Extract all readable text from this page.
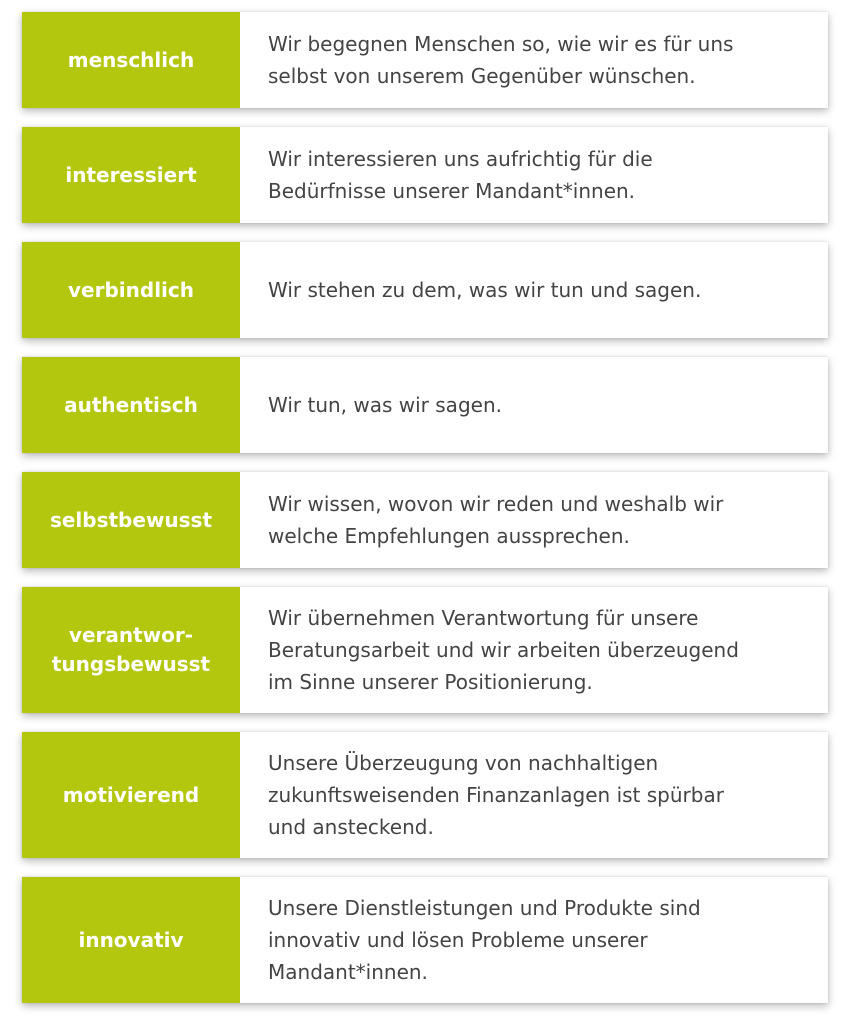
menschlich
Wir begegnen Menschen so, wie wir es für uns
selbst von unserem Gegenüber wünschen.
interessiert
Wir interessieren uns aufrichtig für die
Bedürfnisse unserer Mandant*innen.
verbindlich	Wir stehen zu dem, was wir tun und sagen.
authentisch	Wir tun, was wir sagen.
selbstbewusst
Wir wissen, wovon wir reden und weshalb wir
welche Empfehlungen aussprechen.
verantwor-
tungsbewusst
Wir übernehmen Verantwortung für unsere
Beratungsarbeit und wir arbeiten überzeugend
im Sinne unserer Positionierung.
motivierend
Unsere Überzeugung von nachhaltigen
zukunftsweisenden Finanzanlagen ist spürbar
und ansteckend.
innovativ
Unsere Dienstleistungen und Produkte sind
innovativ und lösen Probleme unserer
Mandant*innen.
